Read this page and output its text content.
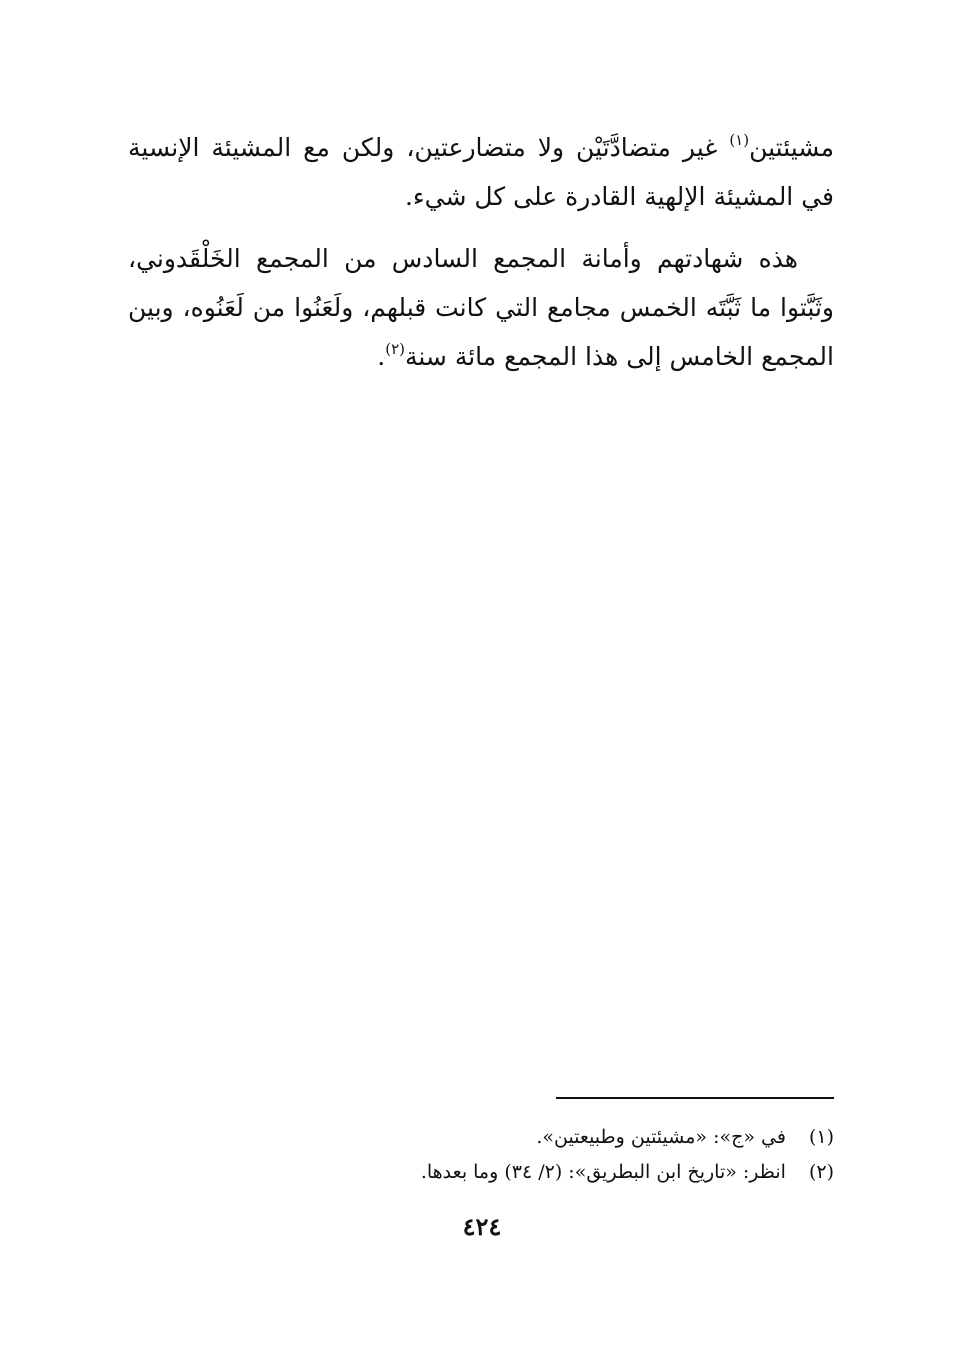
مشيئتين$^{(١)}$ غير متضادَّتَيْن ولا متضارعتين، ولكن مع المشيئة الإنسية في المشيئة الإلهية القادرة على كل شيء.

هذه شهادتهم وأمانة المجمع السادس من المجمع الخَلْقَدوني، وثَبَّتوا ما ثَبَّتَه الخمس مجامع التي كانت قبلهم، ولَعَنُوا من لَعَنُوه، وبين المجمع الخامس إلى هذا المجمع مائة سنة$^{(٢)}$.

(١) في «ج»: «مشيئتين وطبيعتين».
(٢) انظر: «تاريخ ابن البطريق»: (٢/ ٣٤) وما بعدها.
٤٢٤
